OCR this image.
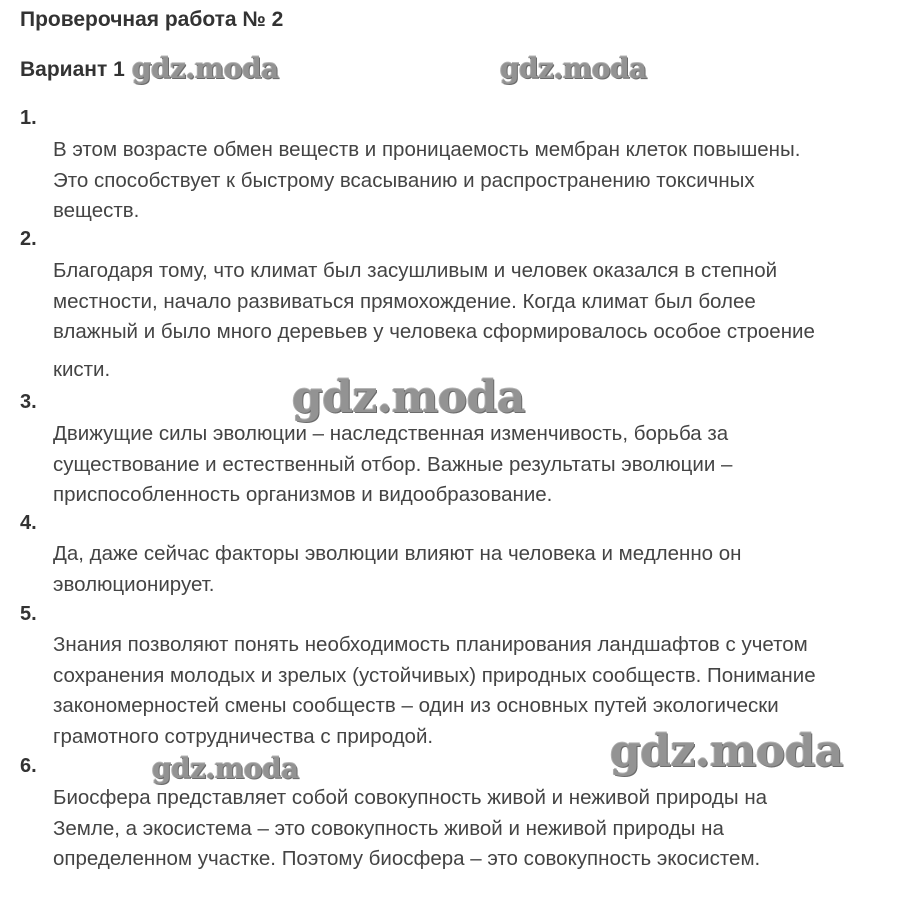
Проверочная работа № 2
Вариант 1
1.
В этом возрасте обмен веществ и проницаемость мембран клеток повышены.
Это способствует к быстрому всасыванию и распространению токсичных
веществ.
2.
Благодаря тому, что климат был засушливым и человек оказался в степной
местности, начало развиваться прямохождение. Когда климат был более
влажный и было много деревьев у человека сформировалось особое строение
кисти.
3.
Движущие силы эволюции – наследственная изменчивость, борьба за
существование и естественный отбор. Важные результаты эволюции –
приспособленность организмов и видообразование.
4.
Да, даже сейчас факторы эволюции влияют на человека и медленно он
эволюционирует.
5.
Знания позволяют понять необходимость планирования ландшафтов с учетом
сохранения молодых и зрелых (устойчивых) природных сообществ. Понимание
закономерностей смены сообществ – один из основных путей экологически
грамотного сотрудничества с природой.
6.
Биосфера представляет собой совокупность живой и неживой природы на
Земле, а экосистема – это совокупность живой и неживой природы на
определенном участке. Поэтому биосфера – это совокупность экосистем.
gdz.moda	gdz.moda
gdz.moda
gdz.moda
gdz.moda
